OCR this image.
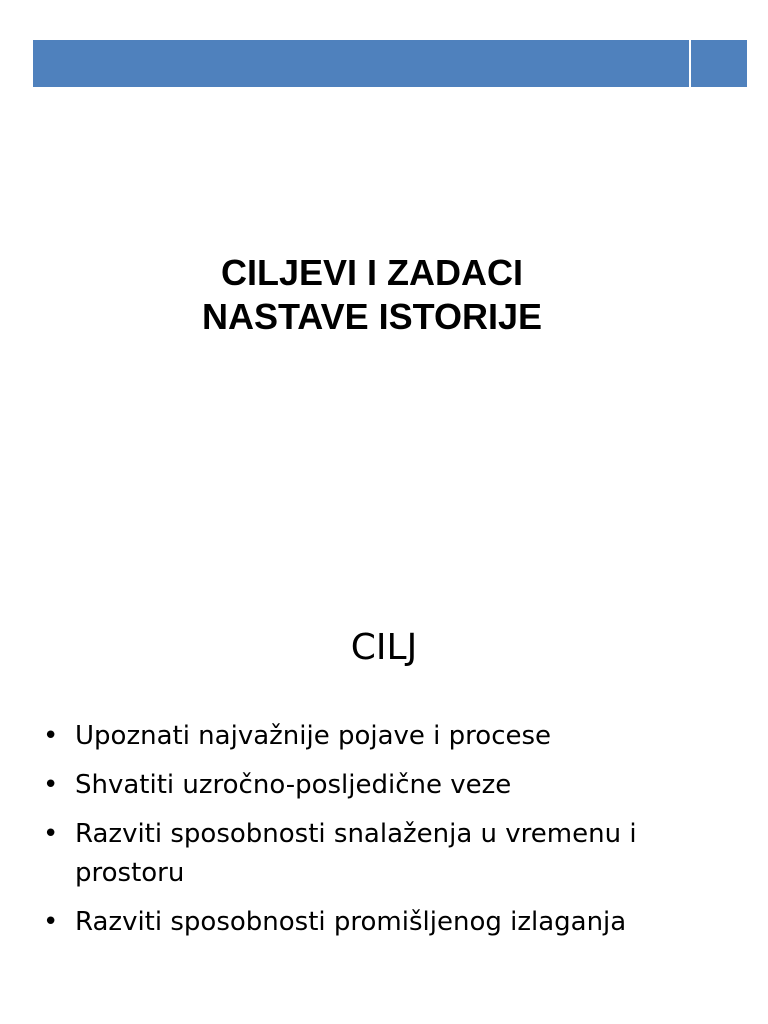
CILJEVI I ZADACI
NASTAVE ISTORIJE
CILJ
• Upoznati najvažnije pojave i procese
• Shvatiti uzročno-posljedične veze
• Razviti sposobnosti snalaženja u vremenu i prostoru
• Razviti sposobnosti promišljenog izlaganja
